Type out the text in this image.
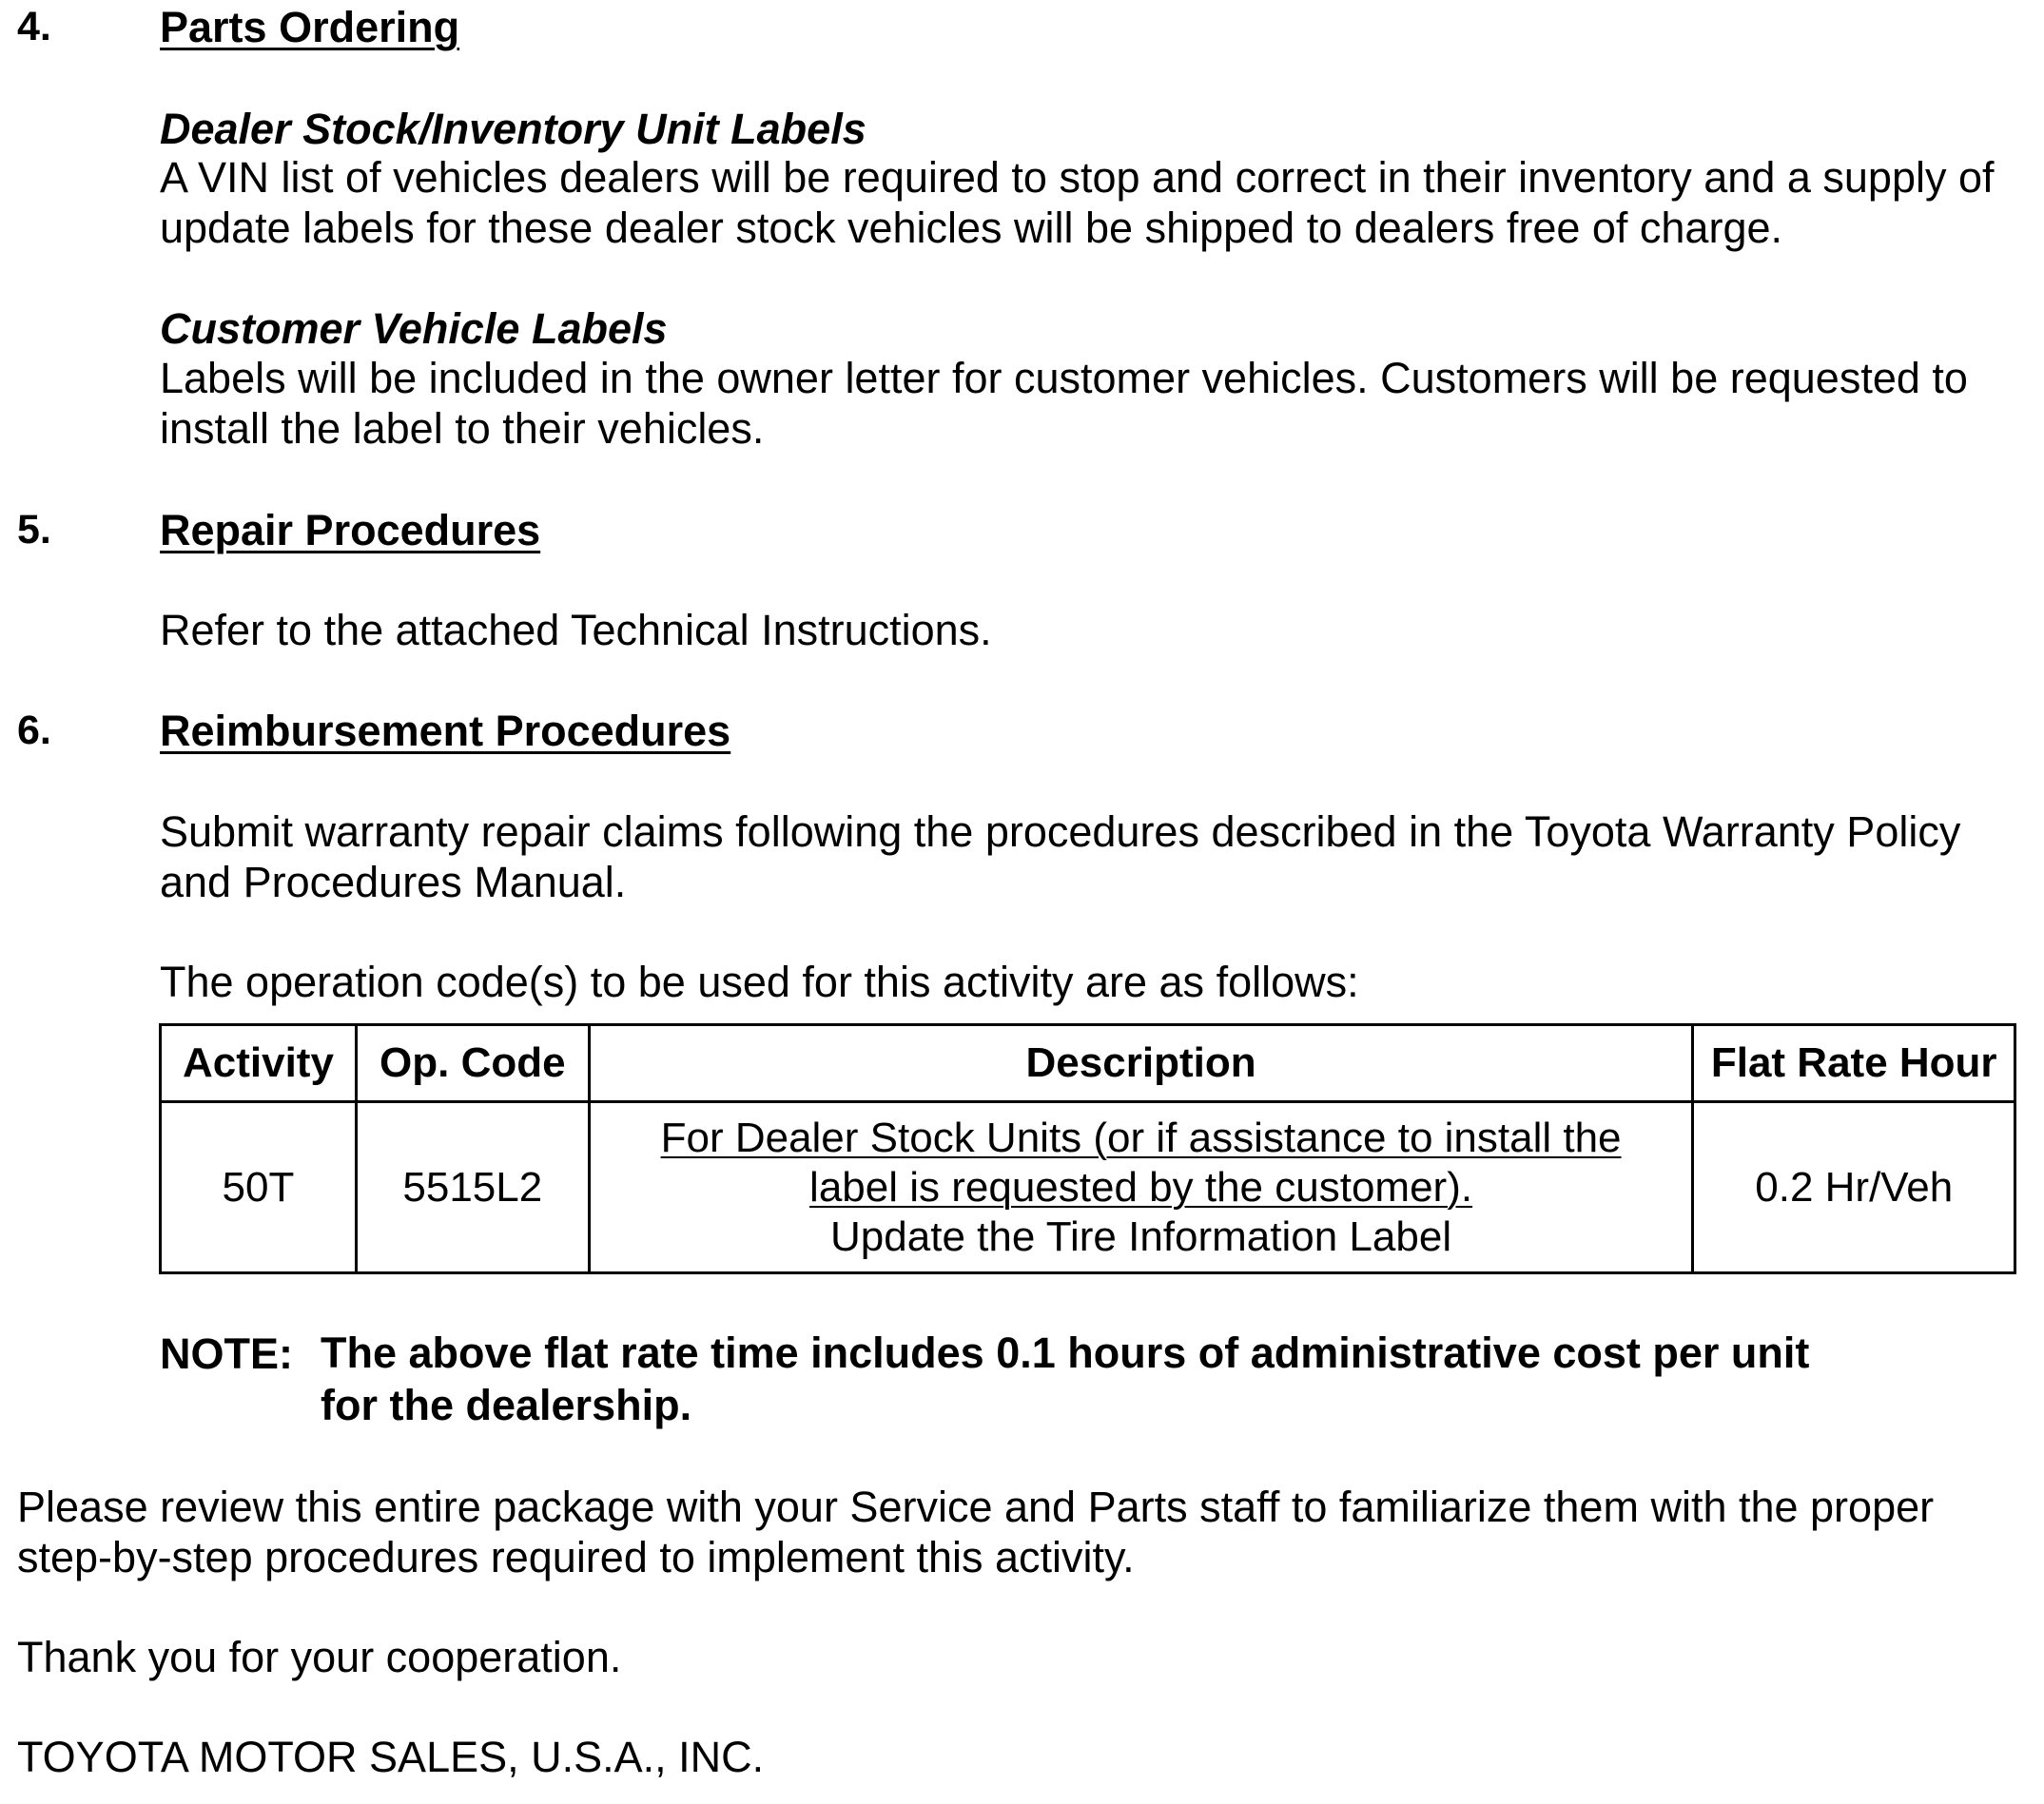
4.	Parts Ordering
Dealer Stock/Inventory Unit Labels
A VIN list of vehicles dealers will be required to stop and correct in their inventory and a supply of
update labels for these dealer stock vehicles will be shipped to dealers free of charge.
Customer Vehicle Labels
Labels will be included in the owner letter for customer vehicles. Customers will be requested to
install the label to their vehicles.
5.	Repair Procedures
Refer to the attached Technical Instructions.
6.	Reimbursement Procedures
Submit warranty repair claims following the procedures described in the Toyota Warranty Policy
and Procedures Manual.
The operation code(s) to be used for this activity are as follows:
Activity	Op. Code	Description	Flat Rate Hour
50T	5515L2	For Dealer Stock Units (or if assistance to install the
label is requested by the customer).
Update the Tire Information Label	0.2 Hr/Veh
NOTE: The above flat rate time includes 0.1 hours of administrative cost per unit
for the dealership.
Please review this entire package with your Service and Parts staff to familiarize them with the proper
step-by-step procedures required to implement this activity.
Thank you for your cooperation.
TOYOTA MOTOR SALES, U.S.A., INC.
